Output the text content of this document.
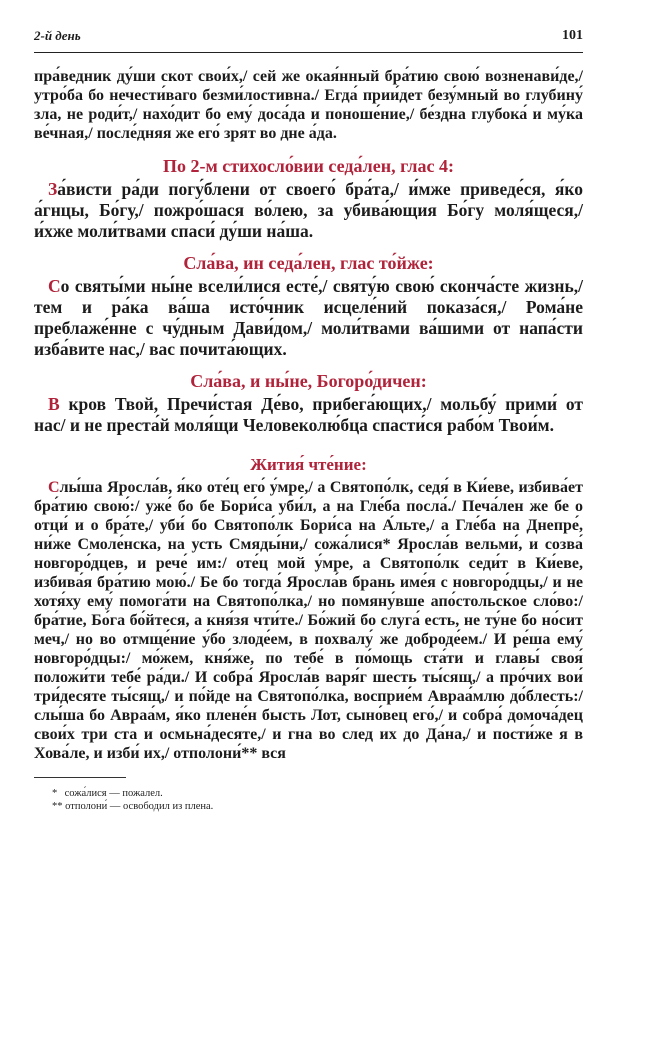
2-й день	101

пра́ведник ду́ши скот свои́х,/ сей же окая́нный бра́тию свою́ возненави́де,/ утро́ба бо нечести́ваго безми́лостивна./ Егда́ прии́дет безу́мный во глубину́ зла, не роди́т,/ нахо́дит бо ему́ доса́да и поноше́ние,/ бе́здна глубока́ и му́ка ве́чная,/ после́дняя же его́ зрят во дне а́да.

По 2-м стихосло́вии седа́лен, глас 4:

За́висти ра́ди погу́блени от своего́ бра́та,/ и́мже приведе́ся, я́ко а́гнцы, Бо́гу,/ пожро́шася во́лею, за убива́ющия Бо́гу моля́щеся,/ и́хже моли́твами спаси́ ду́ши на́ша.

Сла́ва, ин седа́лен, глас то́йже:

Со святы́ми ны́не всели́лися есте́,/ святу́ю свою́ сконча́сте жизнь,/ тем и ра́ка ва́ша исто́чник исцеле́ний показа́ся,/ Рома́не преблаже́нне с чу́дным Дави́дом,/ моли́твами ва́шими от напа́сти изба́вите нас,/ вас почита́ющих.

Сла́ва, и ны́не, Богоро́дичен:

В кров Твой, Пречи́стая Де́во, прибега́ющих,/ мольбу́ прими́ от нас/ и не преста́й моля́щи Человеколю́бца спасти́ся рабо́м Твои́м.

Жития́ чте́ние:

Слы́ша Яросла́в, я́ко оте́ц его́ у́мре,/ а Святопо́лк, седя́ в Ки́еве, избива́ет бра́тию свою́:/ уже́ бо бе Бори́са уби́л, а на Гле́ба посла́./ Печа́лен же бе о отци́ и о бра́те,/ уби́ бо Святопо́лк Бори́са на А́льте,/ а Гле́ба на Днепре́, ни́же Смоле́нска, на усть Смяды́ни,/ сожа́лися* Яросла́в вельми́, и созва́ новгоро́дцев, и рече́ им:/ оте́ц мой у́мре, а Святопо́лк седи́т в Ки́еве, избива́я бра́тию мою́./ Бе бо тогда́ Яросла́в брань име́я с новгоро́дцы,/ и не хотя́ху ему́ помога́ти на Святопо́лка,/ но помяну́вше апо́стольское сло́во:/ бра́тие, Бо́га бо́йтеся, а кня́зя чти́те./ Бо́жий бо слуга́ есть, не ту́не бо но́сит меч,/ но во отмще́ние у́бо злоде́ем, в похвалу́ же доброде́ем./ И ре́ша ему́ новгоро́дцы:/ мо́жем, кня́же, по тебе́ в по́мощь ста́ти и главы́ своя́ положи́ти тебе́ ра́ди./ И собра́ Яросла́в варя́г шесть ты́сящ,/ а про́чих вои́ три́десяте ты́сящ,/ и по́йде на Святопо́лка, восприе́м Авраа́млю до́блесть:/ слы́ша бо Авраа́м, я́ко плене́н бысть Лот, сыно́вец его́,/ и собра́ домоча́дец свои́х три ста и осмьна́десяте,/ и гна во след их до Да́на,/ и пости́же я в Хова́ле, и изби́ их,/ отполони́** вся

* сожа́лися — пожалел.

** отполони́ — освободил из плена.
